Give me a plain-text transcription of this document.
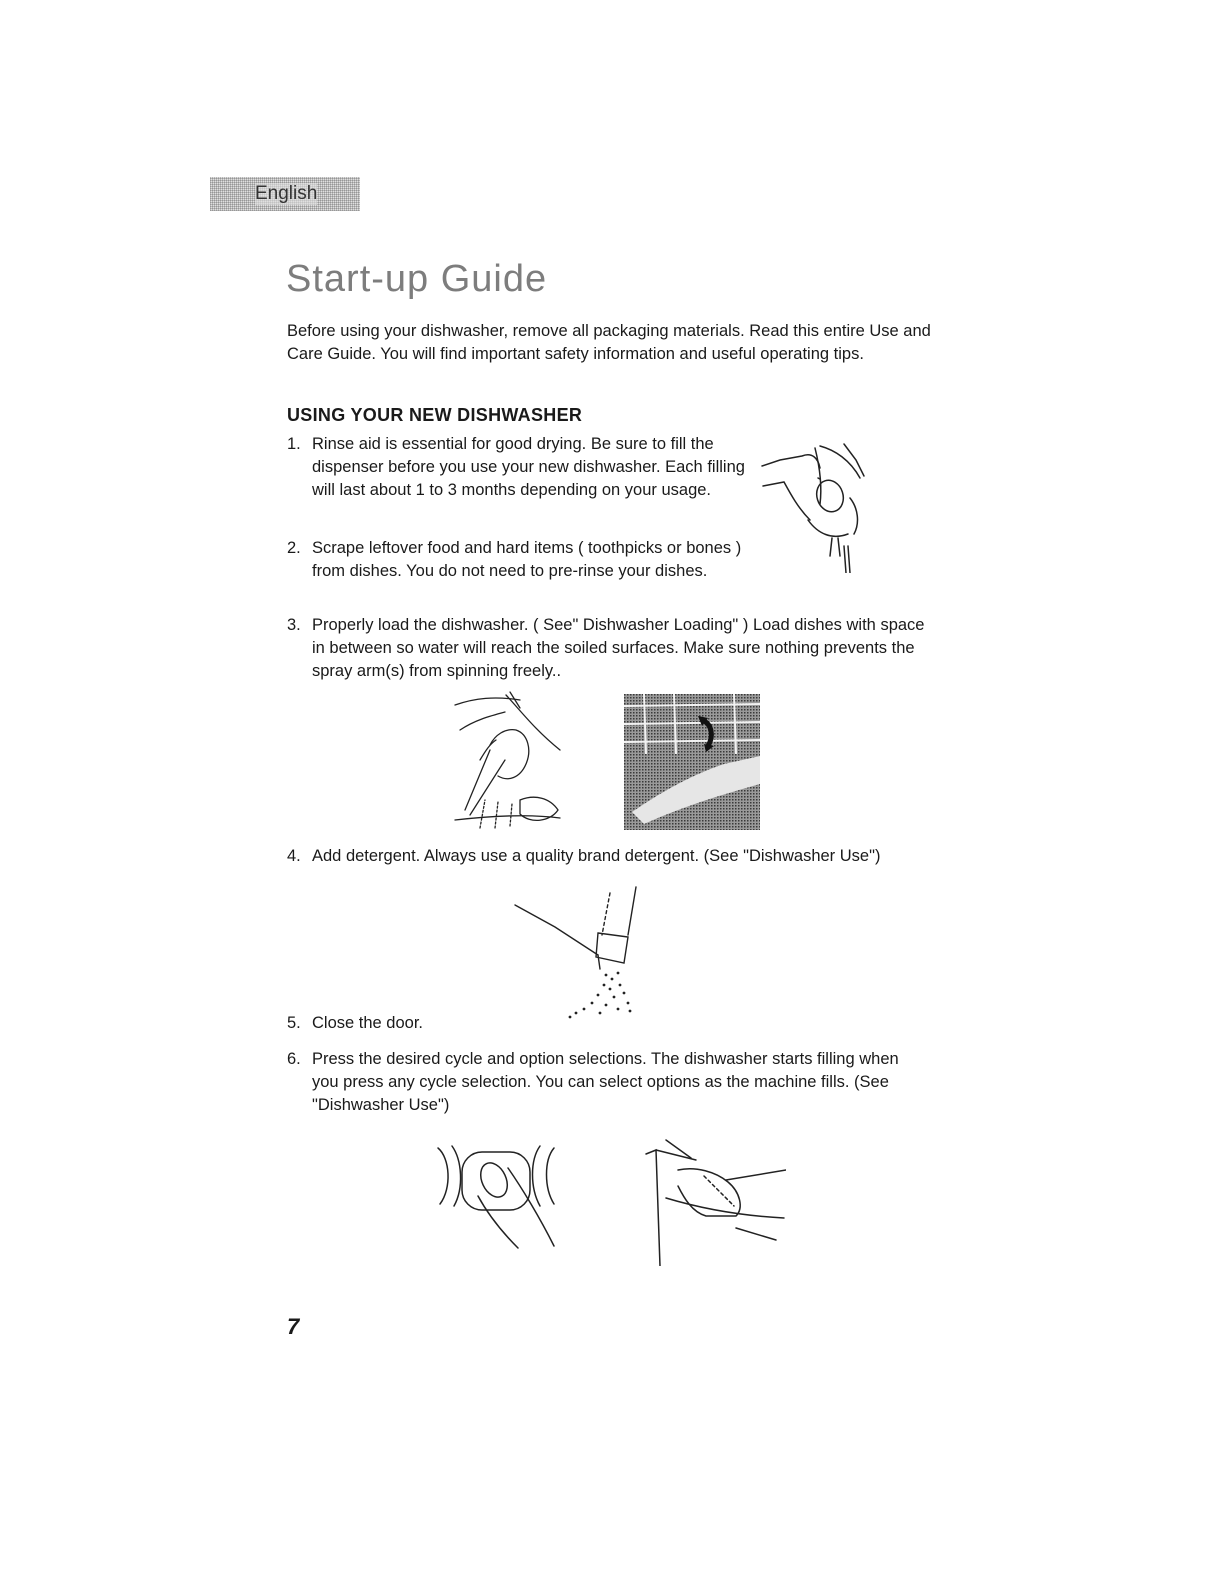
English
Start-up Guide

Before using your dishwasher, remove all packaging materials. Read this entire Use and Care Guide. You will find important safety information and useful operating tips.

USING YOUR NEW DISHWASHER
1. Rinse aid is essential for good drying. Be sure to fill the dispenser before you use your new dishwasher. Each filling will last about 1 to 3 months depending on your usage.
2. Scrape leftover food and hard items ( toothpicks or bones ) from dishes. You do not need to pre-rinse your dishes.
3. Properly load the dishwasher. ( See" Dishwasher Loading" ) Load dishes with space in between so water will reach the soiled surfaces. Make sure nothing prevents the spray arm(s) from spinning freely..
4. Add detergent. Always use a quality brand detergent. (See "Dishwasher Use")
5. Close the door.
6. Press the desired cycle and option selections. The dishwasher starts filling when you press any cycle selection. You can select options as the machine fills. (See "Dishwasher Use")

7
